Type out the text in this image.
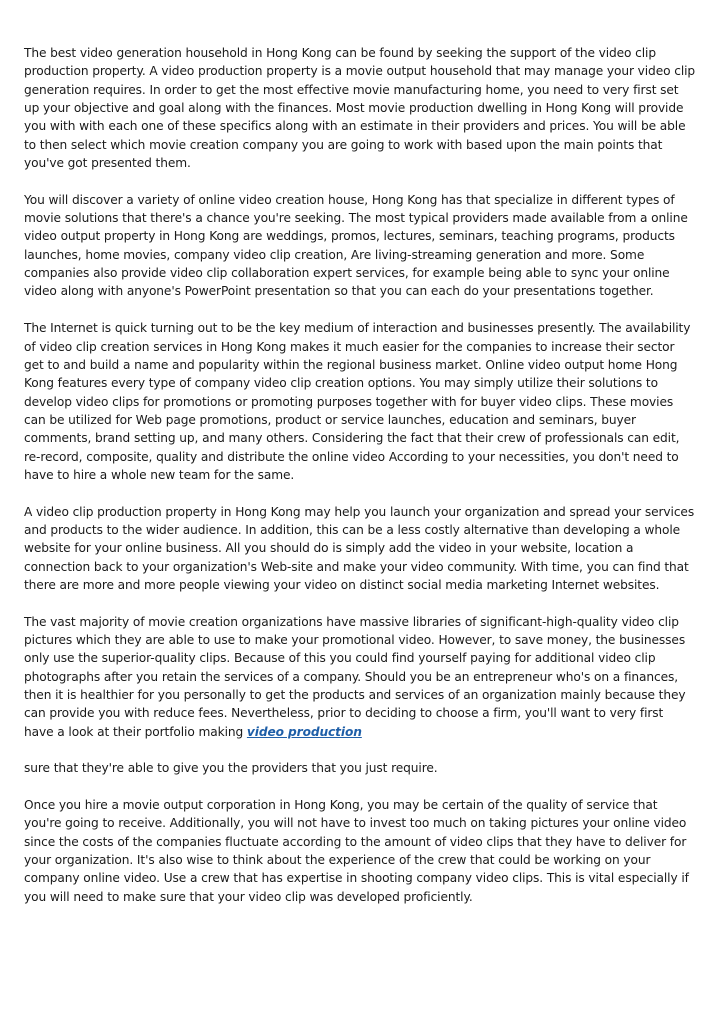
The best video generation household in Hong Kong can be found by seeking the support of the video clip production property. A video production property is a movie output household that may manage your video clip generation requires. In order to get the most effective movie manufacturing home, you need to very first set up your objective and goal along with the finances. Most movie production dwelling in Hong Kong will provide you with with each one of these specifics along with an estimate in their providers and prices. You will be able to then select which movie creation company you are going to work with based upon the main points that you've got presented them.

You will discover a variety of online video creation house, Hong Kong has that specialize in different types of movie solutions that there's a chance you're seeking. The most typical providers made available from a online video output property in Hong Kong are weddings, promos, lectures, seminars, teaching programs, products launches, home movies, company video clip creation, Are living-streaming generation and more. Some companies also provide video clip collaboration expert services, for example being able to sync your online video along with anyone's PowerPoint presentation so that you can each do your presentations together.

The Internet is quick turning out to be the key medium of interaction and businesses presently. The availability of video clip creation services in Hong Kong makes it much easier for the companies to increase their sector get to and build a name and popularity within the regional business market. Online video output home Hong Kong features every type of company video clip creation options. You may simply utilize their solutions to develop video clips for promotions or promoting purposes together with for buyer video clips. These movies can be utilized for Web page promotions, product or service launches, education and seminars, buyer comments, brand setting up, and many others. Considering the fact that their crew of professionals can edit, re-record, composite, quality and distribute the online video According to your necessities, you don't need to have to hire a whole new team for the same.

A video clip production property in Hong Kong may help you launch your organization and spread your services and products to the wider audience. In addition, this can be a less costly alternative than developing a whole website for your online business. All you should do is simply add the video in your website, location a connection back to your organization's Web-site and make your video community. With time, you can find that there are more and more people viewing your video on distinct social media marketing Internet websites.

The vast majority of movie creation organizations have massive libraries of significant-high-quality video clip pictures which they are able to use to make your promotional video. However, to save money, the businesses only use the superior-quality clips. Because of this you could find yourself paying for additional video clip photographs after you retain the services of a company. Should you be an entrepreneur who's on a finances, then it is healthier for you personally to get the products and services of an organization mainly because they can provide you with reduce fees. Nevertheless, prior to deciding to choose a firm, you'll want to very first have a look at their portfolio making video production

sure that they're able to give you the providers that you just require.

Once you hire a movie output corporation in Hong Kong, you may be certain of the quality of service that you're going to receive. Additionally, you will not have to invest too much on taking pictures your online video since the costs of the companies fluctuate according to the amount of video clips that they have to deliver for your organization. It's also wise to think about the experience of the crew that could be working on your company online video. Use a crew that has expertise in shooting company video clips. This is vital especially if you will need to make sure that your video clip was developed proficiently.
